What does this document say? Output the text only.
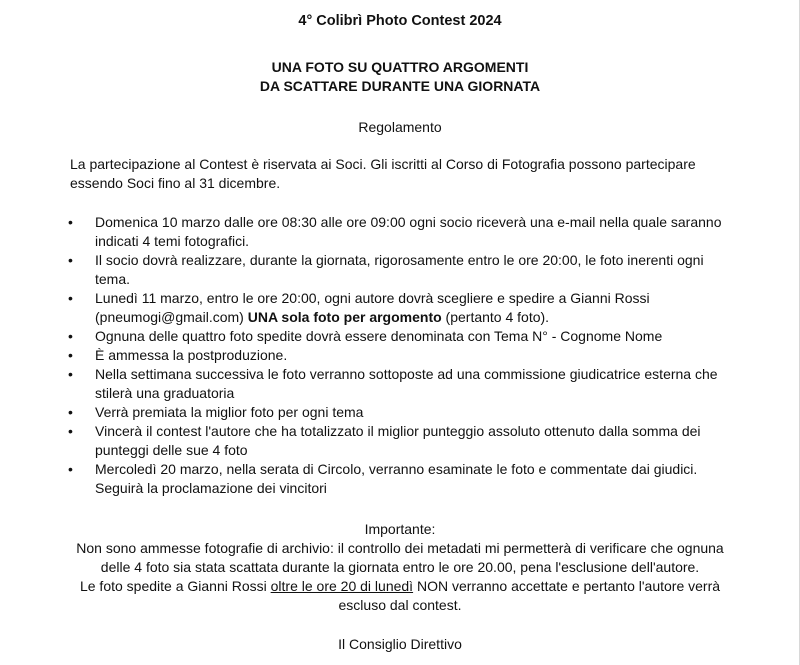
4° Colibrì Photo Contest 2024
UNA FOTO SU QUATTRO ARGOMENTI
DA SCATTARE DURANTE UNA GIORNATA
Regolamento
La partecipazione al Contest è riservata ai Soci. Gli iscritti al Corso di Fotografia possono partecipare essendo Soci fino al 31 dicembre.
• Domenica 10 marzo dalle ore 08:30 alle ore 09:00 ogni socio riceverà una e-mail nella quale saranno indicati 4 temi fotografici.
• Il socio dovrà realizzare, durante la giornata, rigorosamente entro le ore 20:00, le foto inerenti ogni tema.
• Lunedì 11 marzo, entro le ore 20:00, ogni autore dovrà scegliere e spedire a Gianni Rossi (pneumogi@gmail.com) UNA sola foto per argomento (pertanto 4 foto).
• Ognuna delle quattro foto spedite dovrà essere denominata con Tema N° - Cognome Nome
• È ammessa la postproduzione.
• Nella settimana successiva le foto verranno sottoposte ad una commissione giudicatrice esterna che stilerà una graduatoria
• Verrà premiata la miglior foto per ogni tema
• Vincerà il contest l'autore che ha totalizzato il miglior punteggio assoluto ottenuto dalla somma dei punteggi delle sue 4 foto
• Mercoledì 20 marzo, nella serata di Circolo, verranno esaminate le foto e commentate dai giudici. Seguirà la proclamazione dei vincitori
Importante:
Non sono ammesse fotografie di archivio: il controllo dei metadati mi permetterà di verificare che ognuna
delle 4 foto sia stata scattata durante la giornata entro le ore 20.00, pena l'esclusione dell'autore.
Le foto spedite a Gianni Rossi oltre le ore 20 di lunedì NON verranno accettate e pertanto l'autore verrà
escluso dal contest.
Il Consiglio Direttivo
